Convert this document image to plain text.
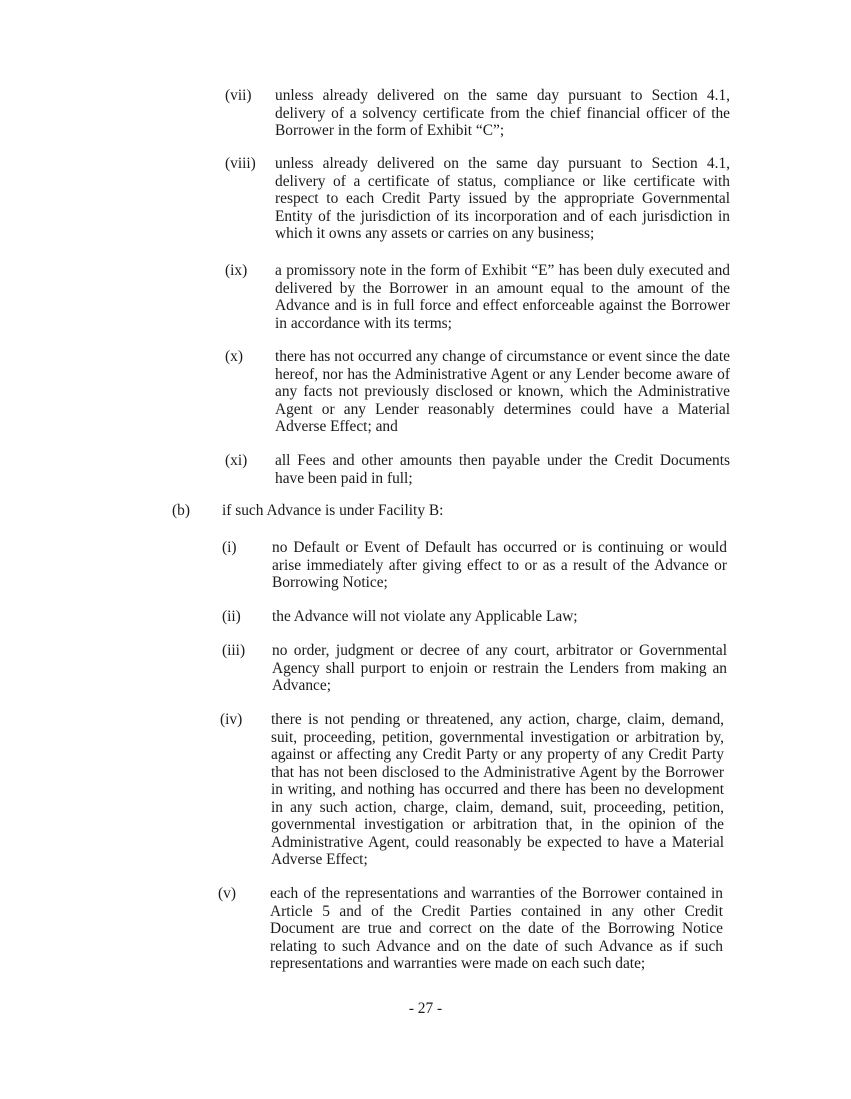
(vii) unless already delivered on the same day pursuant to Section 4.1, delivery of a solvency certificate from the chief financial officer of the Borrower in the form of Exhibit “C”;
(viii) unless already delivered on the same day pursuant to Section 4.1, delivery of a certificate of status, compliance or like certificate with respect to each Credit Party issued by the appropriate Governmental Entity of the jurisdiction of its incorporation and of each jurisdiction in which it owns any assets or carries on any business;
(ix) a promissory note in the form of Exhibit “E” has been duly executed and delivered by the Borrower in an amount equal to the amount of the Advance and is in full force and effect enforceable against the Borrower in accordance with its terms;
(x) there has not occurred any change of circumstance or event since the date hereof, nor has the Administrative Agent or any Lender become aware of any facts not previously disclosed or known, which the Administrative Agent or any Lender reasonably determines could have a Material Adverse Effect; and
(xi) all Fees and other amounts then payable under the Credit Documents have been paid in full;
(b) if such Advance is under Facility B:
(i) no Default or Event of Default has occurred or is continuing or would arise immediately after giving effect to or as a result of the Advance or Borrowing Notice;
(ii) the Advance will not violate any Applicable Law;
(iii) no order, judgment or decree of any court, arbitrator or Governmental Agency shall purport to enjoin or restrain the Lenders from making an Advance;
(iv) there is not pending or threatened, any action, charge, claim, demand, suit, proceeding, petition, governmental investigation or arbitration by, against or affecting any Credit Party or any property of any Credit Party that has not been disclosed to the Administrative Agent by the Borrower in writing, and nothing has occurred and there has been no development in any such action, charge, claim, demand, suit, proceeding, petition, governmental investigation or arbitration that, in the opinion of the Administrative Agent, could reasonably be expected to have a Material Adverse Effect;
(v) each of the representations and warranties of the Borrower contained in Article 5 and of the Credit Parties contained in any other Credit Document are true and correct on the date of the Borrowing Notice relating to such Advance and on the date of such Advance as if such representations and warranties were made on each such date;
- 27 -
